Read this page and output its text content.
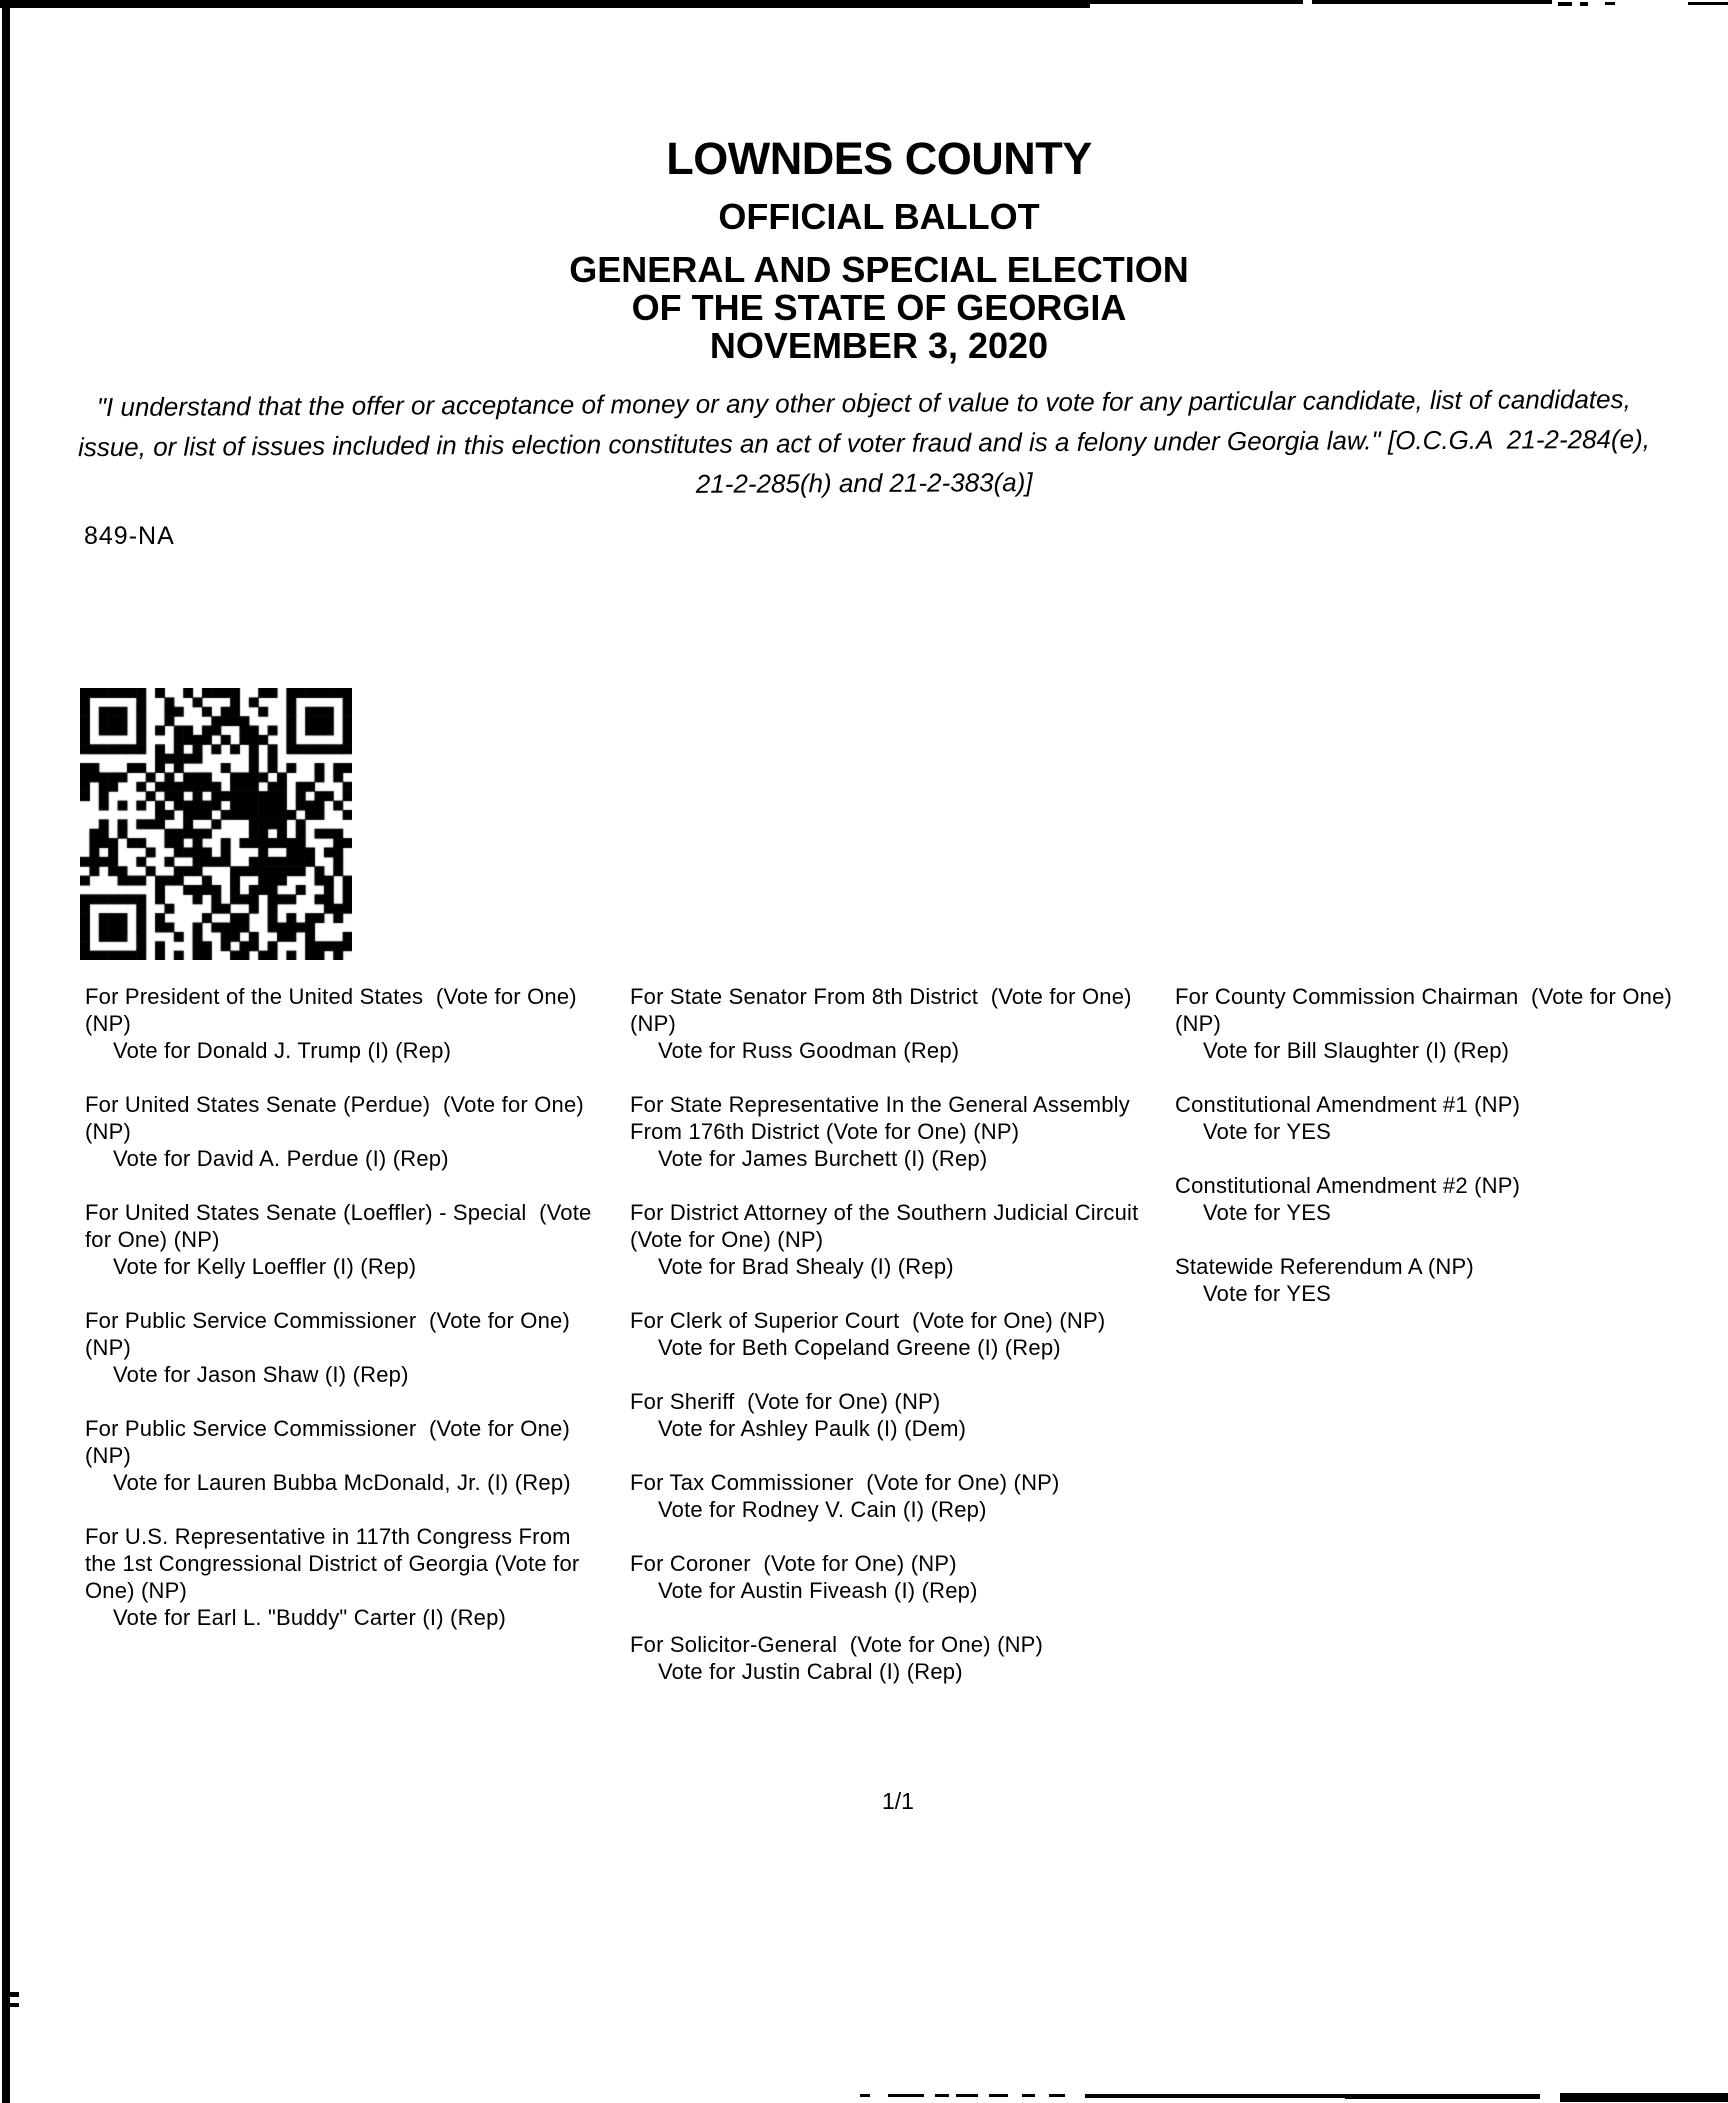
LOWNDES COUNTY
OFFICIAL BALLOT
GENERAL AND SPECIAL ELECTION
OF THE STATE OF GEORGIA
NOVEMBER 3, 2020
"I understand that the offer or acceptance of money or any other object of value to vote for any particular candidate, list of candidates, issue, or list of issues included in this election constitutes an act of voter fraud and is a felony under Georgia law." [O.C.G.A  21-2-284(e), 21-2-285(h) and 21-2-383(a)]
849-NA
For President of the United States  (Vote for One) (NP)
Vote for Donald J. Trump (I) (Rep)
For United States Senate (Perdue)  (Vote for One) (NP)
Vote for David A. Perdue (I) (Rep)
For United States Senate (Loeffler) - Special  (Vote for One) (NP)
Vote for Kelly Loeffler (I) (Rep)
For Public Service Commissioner  (Vote for One) (NP)
Vote for Jason Shaw (I) (Rep)
For Public Service Commissioner  (Vote for One) (NP)
Vote for Lauren Bubba McDonald, Jr. (I) (Rep)
For U.S. Representative in 117th Congress From the 1st Congressional District of Georgia (Vote for One) (NP)
Vote for Earl L. "Buddy" Carter (I) (Rep)
For State Senator From 8th District  (Vote for One) (NP)
Vote for Russ Goodman (Rep)
For State Representative In the General Assembly From 176th District (Vote for One) (NP)
Vote for James Burchett (I) (Rep)
For District Attorney of the Southern Judicial Circuit  (Vote for One) (NP)
Vote for Brad Shealy (I) (Rep)
For Clerk of Superior Court  (Vote for One) (NP)
Vote for Beth Copeland Greene (I) (Rep)
For Sheriff  (Vote for One) (NP)
Vote for Ashley Paulk (I) (Dem)
For Tax Commissioner  (Vote for One) (NP)
Vote for Rodney V. Cain (I) (Rep)
For Coroner  (Vote for One) (NP)
Vote for Austin Fiveash (I) (Rep)
For Solicitor-General  (Vote for One) (NP)
Vote for Justin Cabral (I) (Rep)
For County Commission Chairman  (Vote for One) (NP)
Vote for Bill Slaughter (I) (Rep)
Constitutional Amendment #1 (NP)
Vote for YES
Constitutional Amendment #2 (NP)
Vote for YES
Statewide Referendum A (NP)
Vote for YES
1/1
